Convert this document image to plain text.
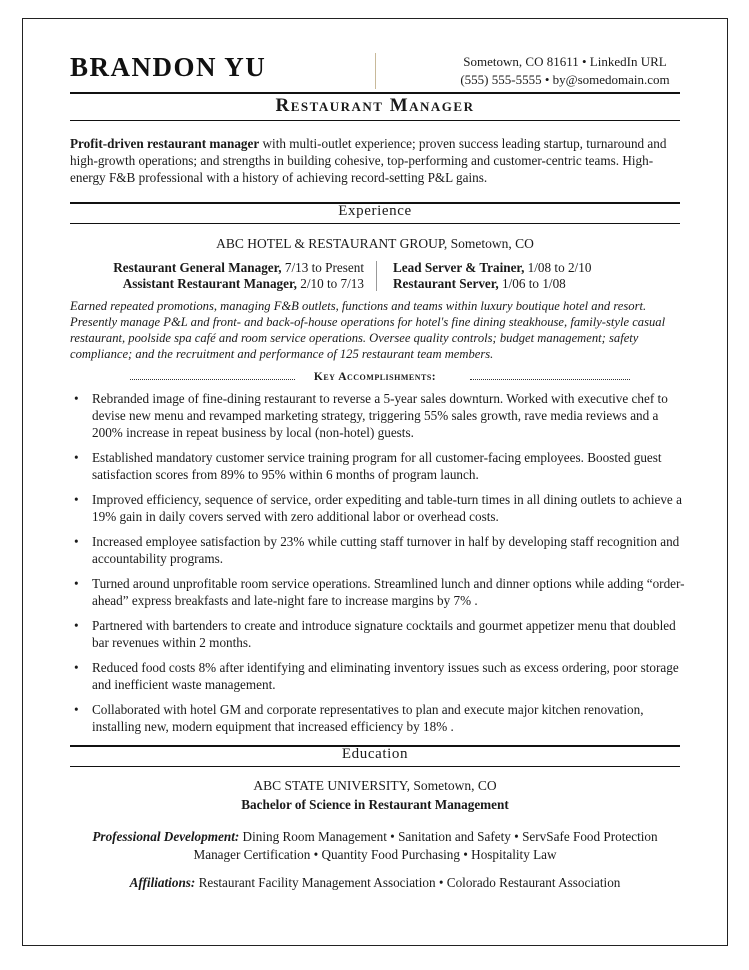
BRANDON YU	Sometown, CO 81611 • LinkedIn URL
(555) 555-5555 • by@somedomain.com
Restaurant Manager
Profit-driven restaurant manager with multi-outlet experience; proven success leading startup, turnaround and high-growth operations; and strengths in building cohesive, top-performing and customer-centric teams. High-energy F&B professional with a history of achieving record-setting P&L gains.
Experience
ABC HOTEL & RESTAURANT GROUP, Sometown, CO
Restaurant General Manager, 7/13 to Present
Assistant Restaurant Manager, 2/10 to 7/13
Lead Server & Trainer, 1/08 to 2/10
Restaurant Server, 1/06 to 1/08
Earned repeated promotions, managing F&B outlets, functions and teams within luxury boutique hotel and resort. Presently manage P&L and front- and back-of-house operations for hotel's fine dining steakhouse, family-style casual restaurant, poolside spa café and room service operations. Oversee quality controls; budget management; safety compliance; and the recruitment and performance of 125 restaurant team members.
Key Accomplishments:
• Rebranded image of fine-dining restaurant to reverse a 5-year sales downturn. Worked with executive chef to devise new menu and revamped marketing strategy, triggering 55% sales growth, rave media reviews and a 200% increase in repeat business by local (non-hotel) guests.
• Established mandatory customer service training program for all customer-facing employees. Boosted guest satisfaction scores from 89% to 95% within 6 months of program launch.
• Improved efficiency, sequence of service, order expediting and table-turn times in all dining outlets to achieve a 19% gain in daily covers served with zero additional labor or overhead costs.
• Increased employee satisfaction by 23% while cutting staff turnover in half by developing staff recognition and accountability programs.
• Turned around unprofitable room service operations. Streamlined lunch and dinner options while adding “order-ahead” express breakfasts and late-night fare to increase margins by 7% .
• Partnered with bartenders to create and introduce signature cocktails and gourmet appetizer menu that doubled bar revenues within 2 months.
• Reduced food costs 8% after identifying and eliminating inventory issues such as excess ordering, poor storage and inefficient waste management.
• Collaborated with hotel GM and corporate representatives to plan and execute major kitchen renovation, installing new, modern equipment that increased efficiency by 18% .
Education
ABC STATE UNIVERSITY, Sometown, CO
Bachelor of Science in Restaurant Management
Professional Development: Dining Room Management • Sanitation and Safety • ServSafe Food Protection Manager Certification • Quantity Food Purchasing • Hospitality Law
Affiliations: Restaurant Facility Management Association • Colorado Restaurant Association
